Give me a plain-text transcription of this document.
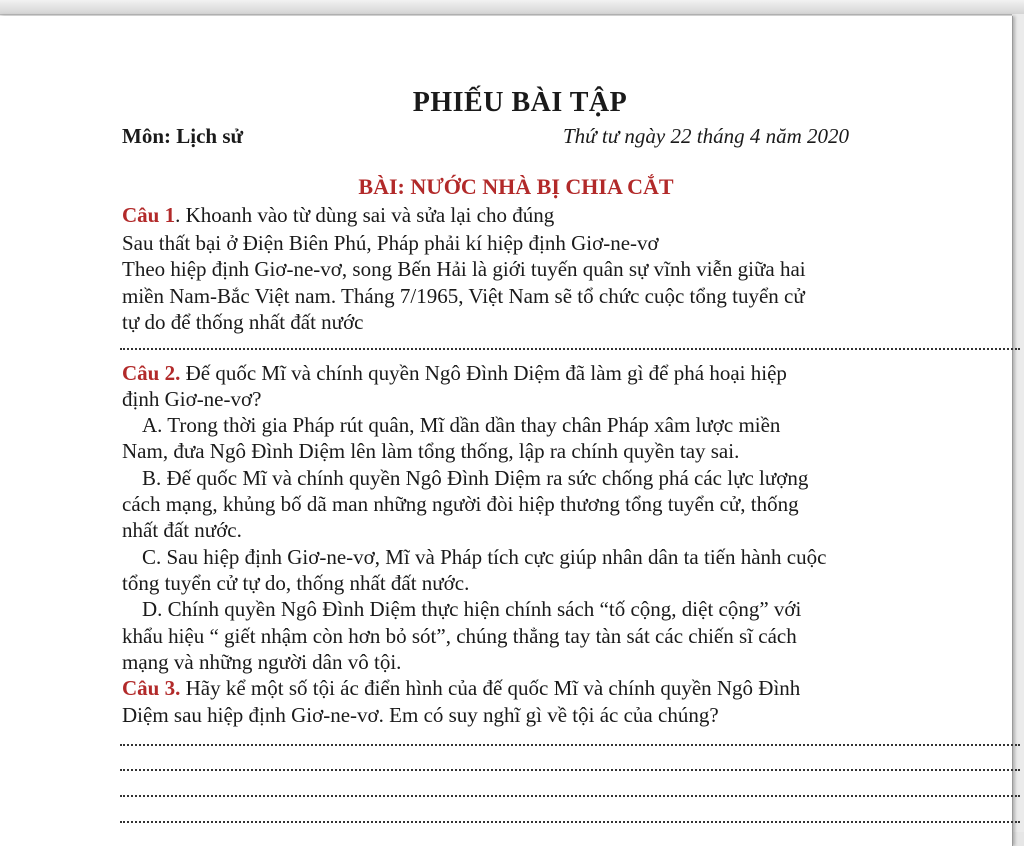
PHIẾU BÀI TẬP
Môn: Lịch sử	Thứ tư ngày 22 tháng 4 năm 2020
BÀI: NƯỚC NHÀ BỊ CHIA CẮT
Câu 1. Khoanh vào từ dùng sai và sửa lại cho đúng
Sau thất bại ở Điện Biên Phú, Pháp phải kí hiệp định Giơ-ne-vơ
Theo hiệp định Giơ-ne-vơ, song Bến Hải là giới tuyến quân sự vĩnh viễn giữa hai
miền Nam-Bắc Việt nam. Tháng 7/1965, Việt Nam sẽ tổ chức cuộc tổng tuyển cử
tự do để thống nhất đất nước
Câu 2. Đế quốc Mĩ và chính quyền Ngô Đình Diệm đã làm gì để phá hoại hiệp
định Giơ-ne-vơ?
A. Trong thời gia Pháp rút quân, Mĩ dần dần thay chân Pháp xâm lược miền
Nam, đưa Ngô Đình Diệm lên làm tổng thống, lập ra chính quyền tay sai.
B. Đế quốc Mĩ và chính quyền Ngô Đình Diệm ra sức chống phá các lực lượng
cách mạng, khủng bố dã man những người đòi hiệp thương tổng tuyển cử, thống
nhất đất nước.
C. Sau hiệp định Giơ-ne-vơ, Mĩ và Pháp tích cực giúp nhân dân ta tiến hành cuộc
tổng tuyển cử tự do, thống nhất đất nước.
D. Chính quyền Ngô Đình Diệm thực hiện chính sách “tố cộng, diệt cộng” với
khẩu hiệu “ giết nhậm còn hơn bỏ sót”, chúng thẳng tay tàn sát các chiến sĩ cách
mạng và những người dân vô tội.
Câu 3. Hãy kể một số tội ác điển hình của đế quốc Mĩ và chính quyền Ngô Đình
Diệm sau hiệp định Giơ-ne-vơ. Em có suy nghĩ gì về tội ác của chúng?
